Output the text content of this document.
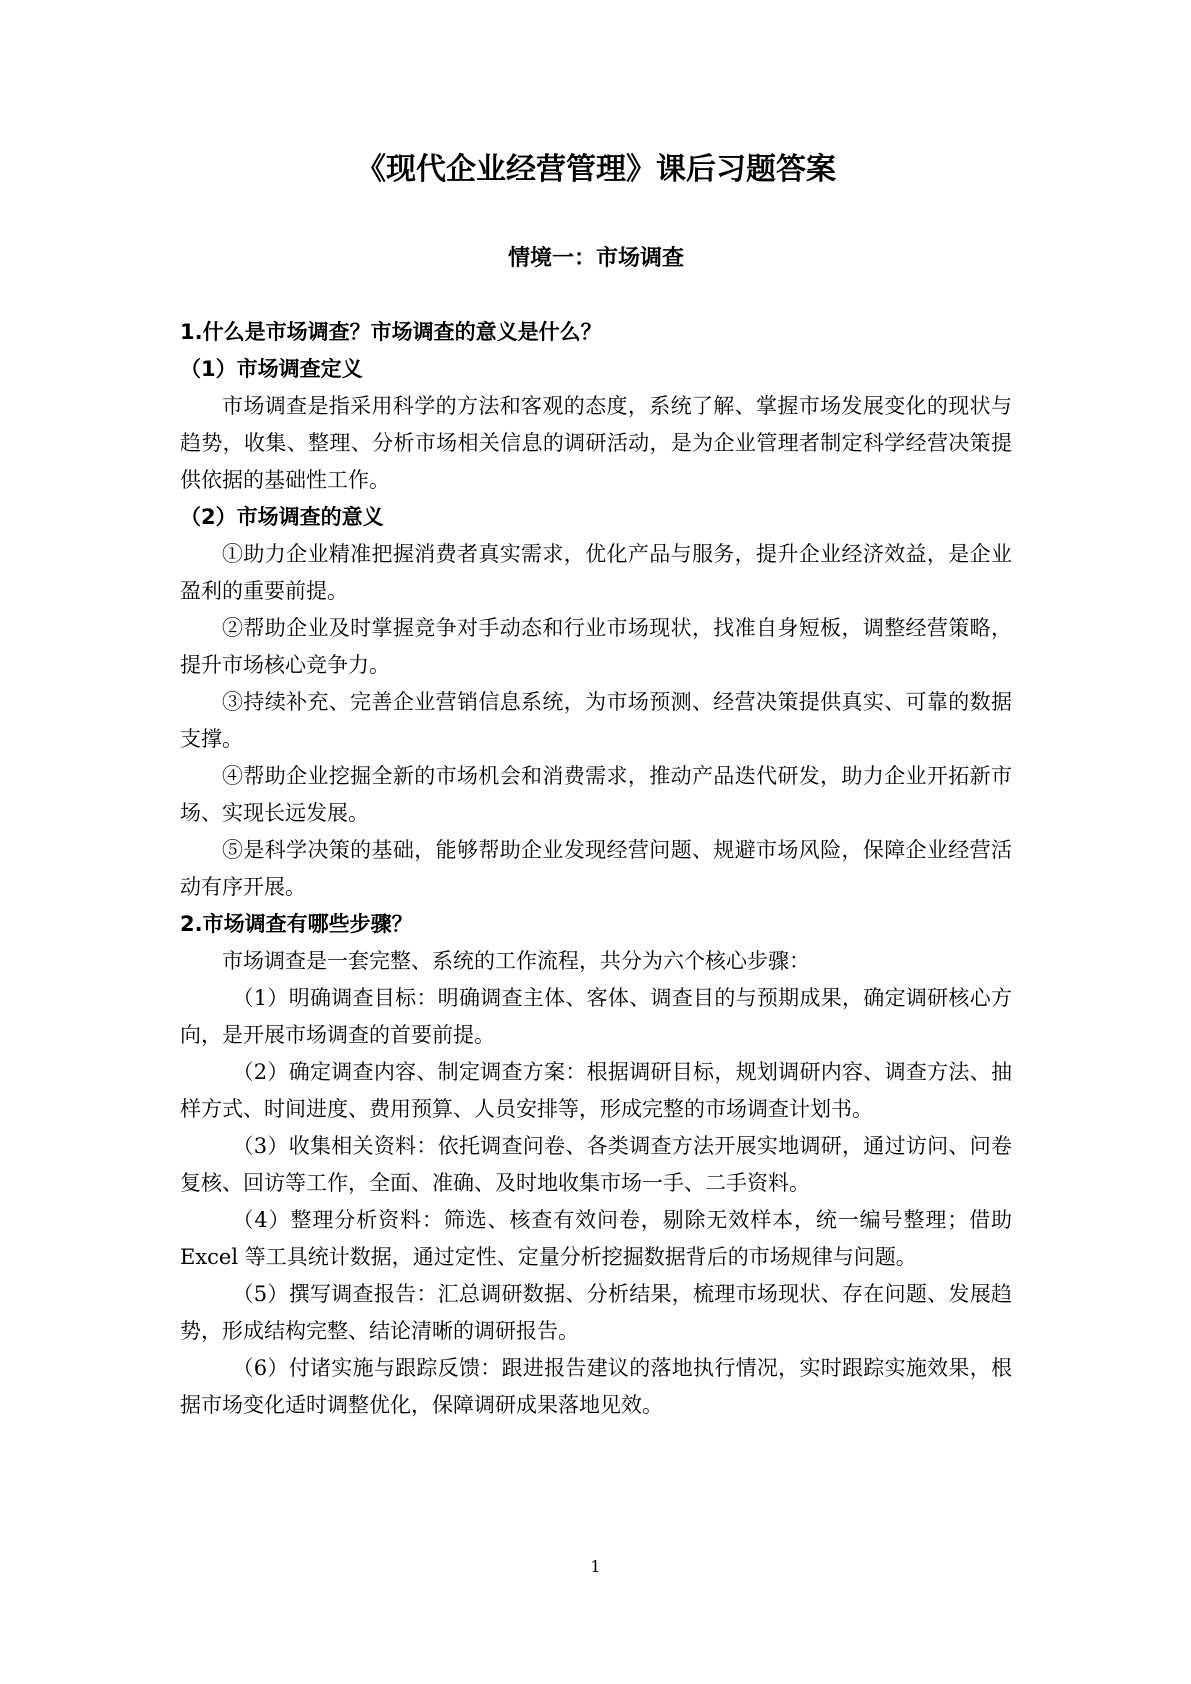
《现代企业经营管理》课后习题答案
情境一：市场调查

1.什么是市场调查？市场调查的意义是什么？

（1）市场调查定义

市场调查是指采用科学的方法和客观的态度，系统了解、掌握市场发展变化的现状与趋势，收集、整理、分析市场相关信息的调研活动，是为企业管理者制定科学经营决策提供依据的基础性工作。

（2）市场调查的意义

①助力企业精准把握消费者真实需求，优化产品与服务，提升企业经济效益，是企业盈利的重要前提。

②帮助企业及时掌握竞争对手动态和行业市场现状，找准自身短板，调整经营策略，提升市场核心竞争力。

③持续补充、完善企业营销信息系统，为市场预测、经营决策提供真实、可靠的数据支撑。

④帮助企业挖掘全新的市场机会和消费需求，推动产品迭代研发，助力企业开拓新市场、实现长远发展。

⑤是科学决策的基础，能够帮助企业发现经营问题、规避市场风险，保障企业经营活动有序开展。

2.市场调查有哪些步骤？

市场调查是一套完整、系统的工作流程，共分为六个核心步骤：

（1）明确调查目标：明确调查主体、客体、调查目的与预期成果，确定调研核心方向，是开展市场调查的首要前提。

（2）确定调查内容、制定调查方案：根据调研目标，规划调研内容、调查方法、抽样方式、时间进度、费用预算、人员安排等，形成完整的市场调查计划书。

（3）收集相关资料：依托调查问卷、各类调查方法开展实地调研，通过访问、问卷复核、回访等工作，全面、准确、及时地收集市场一手、二手资料。

（4）整理分析资料：筛选、核查有效问卷，剔除无效样本，统一编号整理；借助 Excel 等工具统计数据，通过定性、定量分析挖掘数据背后的市场规律与问题。

（5）撰写调查报告：汇总调研数据、分析结果，梳理市场现状、存在问题、发展趋势，形成结构完整、结论清晰的调研报告。

（6）付诸实施与跟踪反馈：跟进报告建议的落地执行情况，实时跟踪实施效果，根据市场变化适时调整优化，保障调研成果落地见效。

1
